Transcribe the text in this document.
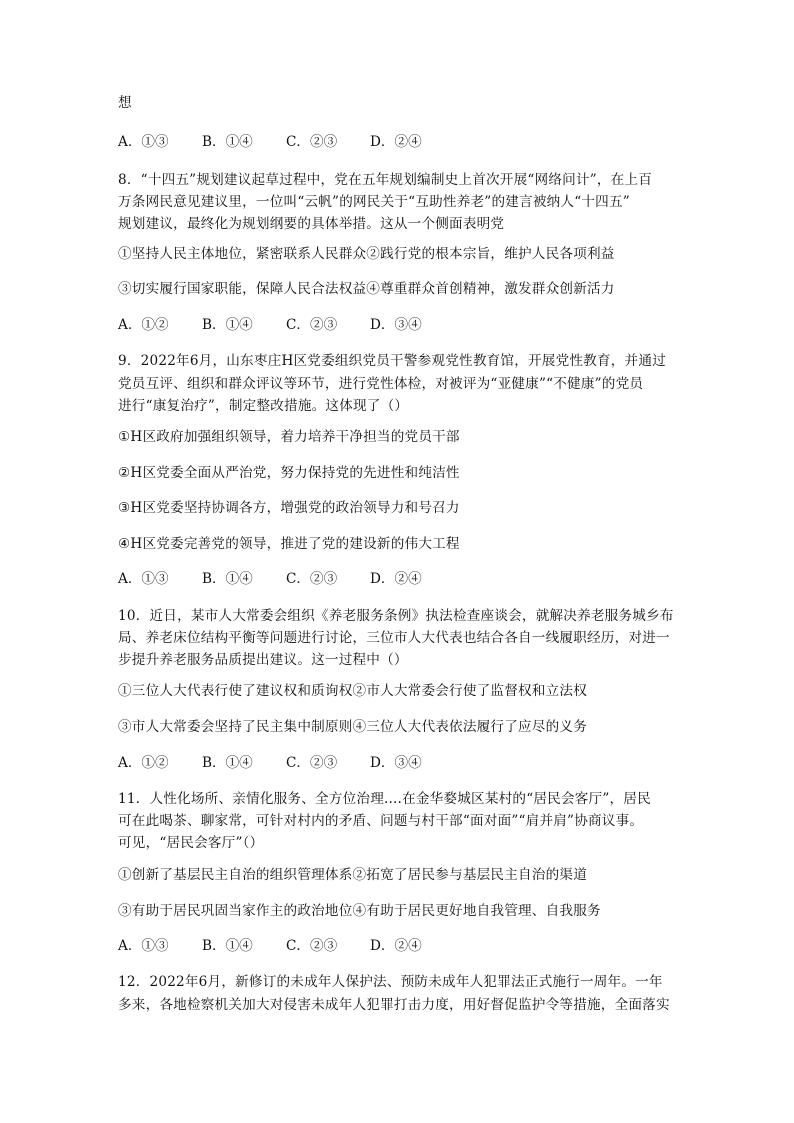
想
A．①③ B．①④ C．②③ D．②④
8．“十四五”规划建议起草过程中，党在五年规划编制史上首次开展“网络问计”，在上百
万条网民意见建议里，一位叫“云帆”的网民关于“互助性养老”的建言被纳人“十四五”
规划建议，最终化为规划纲要的具体举措。这从一个侧面表明党
①坚持人民主体地位，紧密联系人民群众②践行党的根本宗旨，维护人民各项利益
③切实履行国家职能，保障人民合法权益④尊重群众首创精神，激发群众创新活力
A．①② B．①④ C．②③ D．③④
9．2022年6月，山东枣庄H区党委组织党员干警参观党性教育馆，开展党性教育，并通过
党员互评、组织和群众评议等环节，进行党性体检，对被评为“亚健康”“不健康”的党员
进行“康复治疗”，制定整改措施。这体现了（）
①H区政府加强组织领导，着力培养干净担当的党员干部
②H区党委全面从严治党，努力保持党的先进性和纯洁性
③H区党委坚持协调各方，增强党的政治领导力和号召力
④H区党委完善党的领导，推进了党的建设新的伟大工程
A．①③ B．①④ C．②③ D．②④
10．近日，某市人大常委会组织《养老服务条例》执法检查座谈会，就解决养老服务城乡布
局、养老床位结构平衡等问题进行讨论，三位市人大代表也结合各自一线履职经历，对进一
步提升养老服务品质提出建议。这一过程中（）
①三位人大代表行使了建议权和质询权②市人大常委会行使了监督权和立法权
③市人大常委会坚持了民主集中制原则④三位人大代表依法履行了应尽的义务
A．①② B．①④ C．②③ D．③④
11．人性化场所、亲情化服务、全方位治理....在金华婺城区某村的“居民会客厅”，居民
可在此喝茶、聊家常，可针对村内的矛盾、问题与村干部“面对面”“肩并肩”协商议事。
可见，“居民会客厅”（）
①创新了基层民主自治的组织管理体系②拓宽了居民参与基层民主自治的渠道
③有助于居民巩固当家作主的政治地位④有助于居民更好地自我管理、自我服务
A．①③ B．①④ C．②③ D．②④
12．2022年6月，新修订的未成年人保护法、预防未成年人犯罪法正式施行一周年。一年
多来，各地检察机关加大对侵害未成年人犯罪打击力度，用好督促监护令等措施，全面落实
